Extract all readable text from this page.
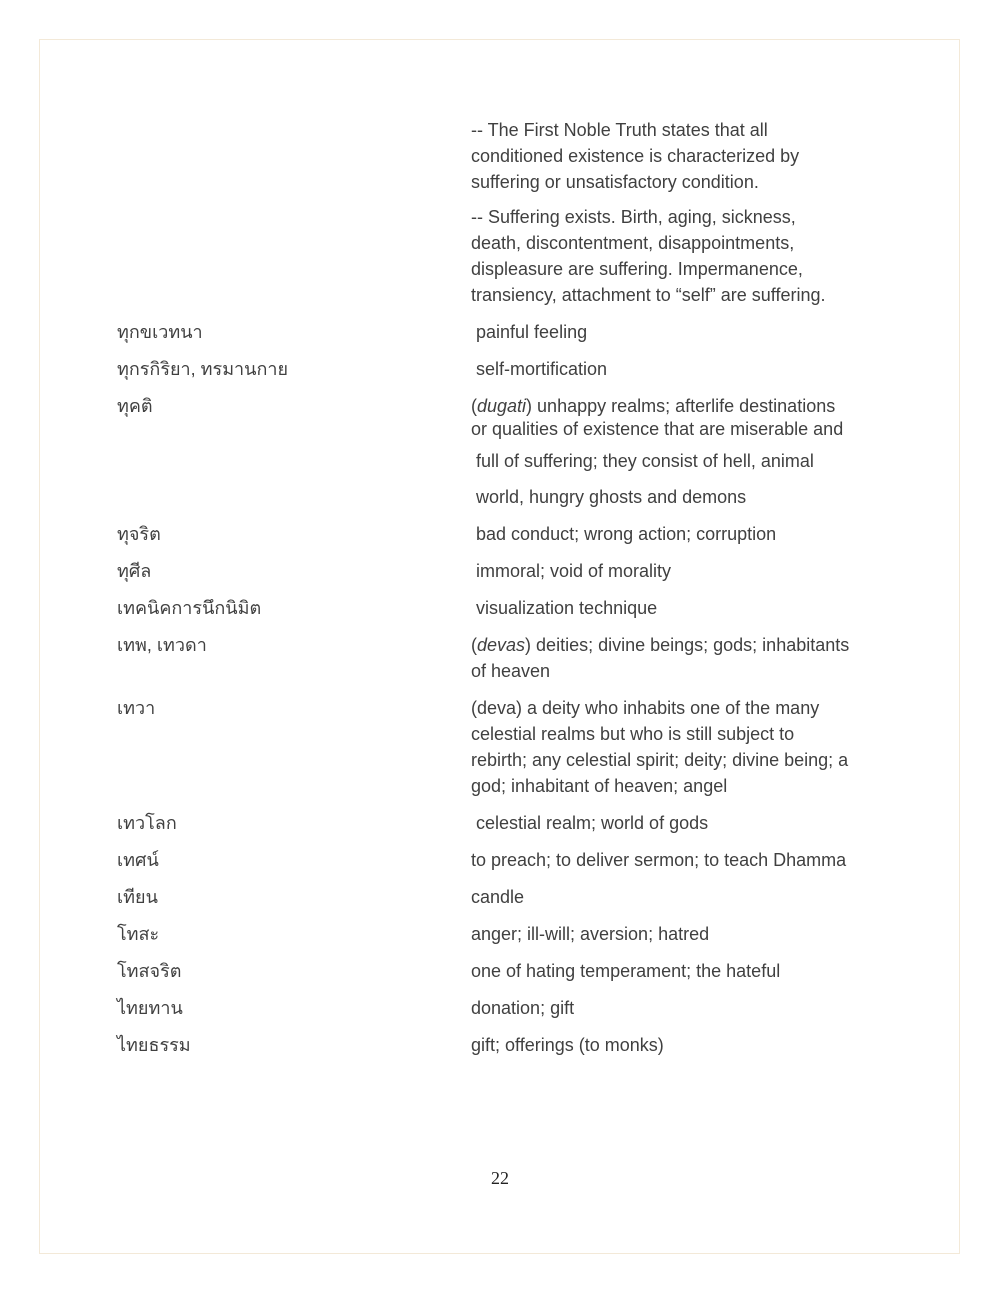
-- The First Noble Truth states that all
conditioned existence is characterized by
suffering or unsatisfactory condition.
-- Suffering exists. Birth, aging, sickness,
death, discontentment, disappointments,
displeasure are suffering. Impermanence,
transiency, attachment to “self” are suffering.
ทุกขเวทนา	painful feeling
ทุกรกิริยา, ทรมานกาย	self-mortification
ทุคติ	(dugati) unhappy realms; afterlife destinations
or qualities of existence that are miserable and
full of suffering; they consist of hell, animal
world, hungry ghosts and demons
ทุจริต	bad conduct; wrong action; corruption
ทุศีล	immoral; void of morality
เทคนิคการนึกนิมิต	visualization technique
เทพ, เทวดา	(devas) deities; divine beings; gods; inhabitants
of heaven
เทวา	(deva) a deity who inhabits one of the many
celestial realms but who is still subject to
rebirth; any celestial spirit; deity; divine being; a
god; inhabitant of heaven; angel
เทวโลก	celestial realm; world of gods
เทศน์	to preach; to deliver sermon; to teach Dhamma
เทียน	candle
โทสะ	anger; ill-will; aversion; hatred
โทสจริต	one of hating temperament; the hateful
ไทยทาน	donation; gift
ไทยธรรม	gift; offerings (to monks)
22
